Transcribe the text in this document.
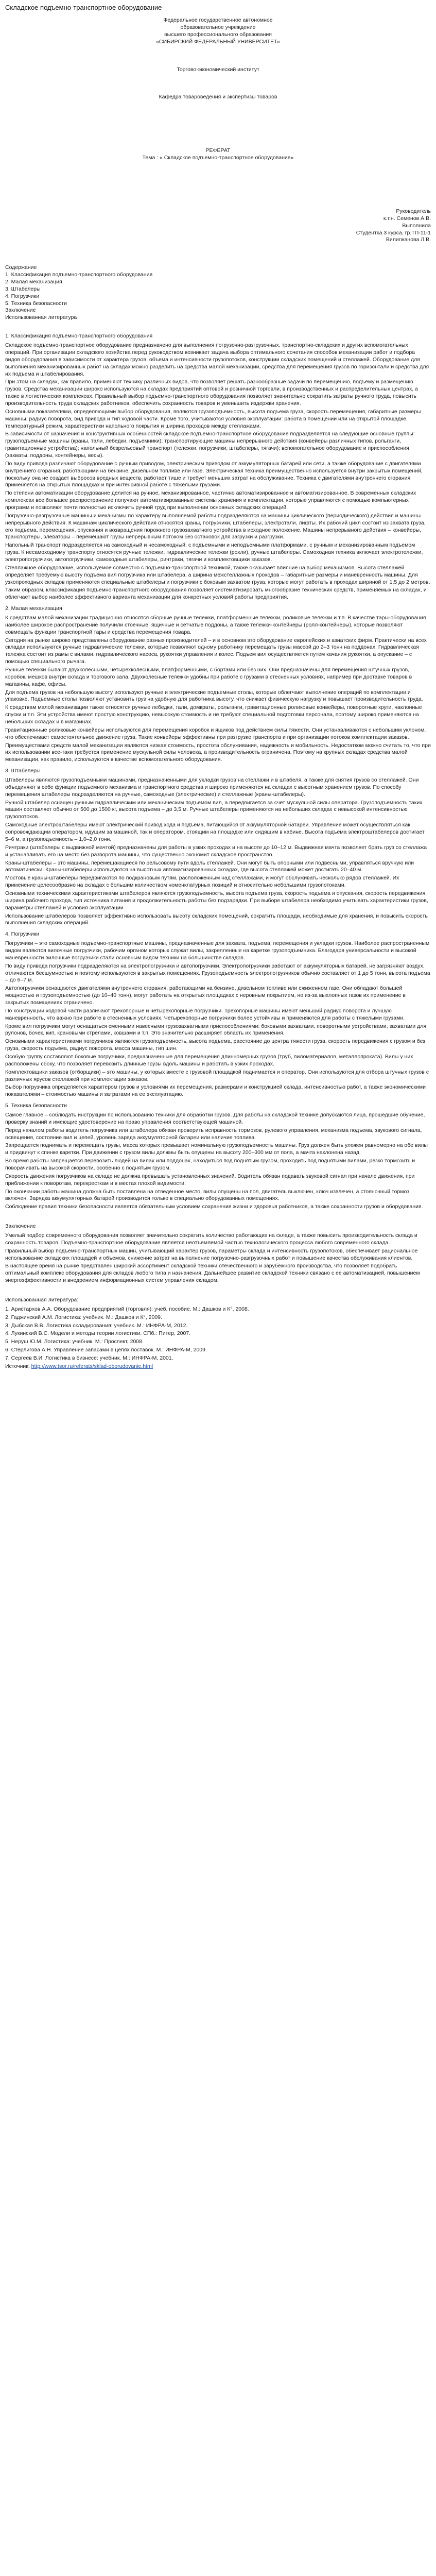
Складское подъемно-транспортное оборудование

Федеральное государственное автономное

образовательное учреждение

высшего профессионального образования

«СИБИРСКИЙ ФЕДЕРАЛЬНЫЙ УНИВЕРСИТЕТ»

Торгово-экономический институт

Кафедра товароведения и экспертизы товаров

РЕФЕРАТ

Тема : « Складское подъемно-транспортное оборудование»

Руководитель

к.т.н. Семенов А.В.

Выполнила

Студентка 3 курса, гр.ТП-11-1

Вилигжанова Л.В.

Содержание

1. Классификация подъемно-транспортного оборудования

2. Малая механизация

3. Штабелеры

4. Погрузчики

5. Техника безопасности

Заключение

Использованная литература

1. Классификация подъемно-транспортного оборудования

Складское подъемно-транспортное оборудование предназначено для выполнения погрузочно-разгрузочных, транспортно-складских и других вспомогательных операций. При организации складского хозяйства перед руководством возникает задача выбора оптимального сочетания способов механизации работ и подбора видов оборудования в зависимости от характера грузов, объема и интенсивности грузопотоков, конструкции складских помещений и стеллажей. Оборудование для выполнения механизированных работ на складах можно разделить на средства малой механизации, средства для перемещения грузов по горизонтали и средства для их подъема и штабелирования.

При этом на складах, как правило, применяют технику различных видов, что позволяет решать разнообразные задачи по перемещению, подъему и размещению грузов. Средства механизации широко используются на складах предприятий оптовой и розничной торговли, в производственных и распределительных центрах, а также в логистических комплексах. Правильный выбор подъемно-транспортного оборудования позволяет значительно сократить затраты ручного труда, повысить производительность труда складских работников, обеспечить сохранность товаров и уменьшить издержки хранения.

Основными показателями, определяющими выбор оборудования, являются грузоподъемность, высота подъема груза, скорость перемещения, габаритные размеры машины, радиус поворота, вид привода и тип ходовой части. Кроме того, учитываются условия эксплуатации: работа в помещении или на открытой площадке, температурный режим, характеристики напольного покрытия и ширина проходов между стеллажами.

В зависимости от назначения и конструктивных особенностей складское подъемно-транспортное оборудование подразделяется на следующие основные группы: грузоподъемные машины (краны, тали, лебедки, подъемники); транспортирующие машины непрерывного действия (конвейеры различных типов, рольганги, гравитационные устройства); напольный безрельсовый транспорт (тележки, погрузчики, штабелеры, тягачи); вспомогательное оборудование и приспособления (захваты, поддоны, контейнеры, весы).

По виду привода различают оборудование с ручным приводом, электрическим приводом от аккумуляторных батарей или сети, а также оборудование с двигателями внутреннего сгорания, работающими на бензине, дизельном топливе или газе. Электрическая техника преимущественно используется внутри закрытых помещений, поскольку она не создает выбросов вредных веществ, работает тише и требует меньших затрат на обслуживание. Техника с двигателями внутреннего сгорания применяется на открытых площадках и при интенсивной работе с тяжелыми грузами.

По степени автоматизации оборудование делится на ручное, механизированное, частично автоматизированное и автоматизированное. В современных складских комплексах все большее распространение получают автоматизированные системы хранения и комплектации, которые управляются с помощью компьютерных программ и позволяют почти полностью исключить ручной труд при выполнении основных складских операций.

Погрузочно-разгрузочные машины и механизмы по характеру выполняемой работы подразделяются на машины циклического (периодического) действия и машины непрерывного действия. К машинам циклического действия относятся краны, погрузчики, штабелеры, электротали, лифты. Их рабочий цикл состоит из захвата груза, его подъема, перемещения, опускания и возвращения порожнего грузозахватного устройства в исходное положение. Машины непрерывного действия – конвейеры, транспортеры, элеваторы – перемещают грузы непрерывным потоком без остановок для загрузки и разгрузки.

Напольный транспорт подразделяется на самоходный и несамоходный, с подъемными и неподъемными платформами, с ручным и механизированным подъемом груза. К несамоходному транспорту относятся ручные тележки, гидравлические тележки (рохли), ручные штабелеры. Самоходная техника включает электротележки, электропогрузчики, автопогрузчики, самоходные штабелеры, ричтраки, тягачи и комплектовщики заказов.

Стеллажное оборудование, используемое совместно с подъемно-транспортной техникой, также оказывает влияние на выбор механизмов. Высота стеллажей определяет требуемую высоту подъема вил погрузчика или штабелера, а ширина межстеллажных проходов – габаритные размеры и маневренность машины. Для узкопроходных складов применяются специальные штабелеры и погрузчики с боковым захватом груза, которые могут работать в проходах шириной от 1,5 до 2 метров.

Таким образом, классификация подъемно-транспортного оборудования позволяет систематизировать многообразие технических средств, применяемых на складах, и облегчает выбор наиболее эффективного варианта механизации для конкретных условий работы предприятия.

2. Малая механизация

К средствам малой механизации традиционно относятся сборные ручные тележки, платформенные тележки, роликовые тележки и т.п. В качестве тары-оборудования наиболее широкое распространение получили стоечные, ящичные и сетчатые поддоны, а также тележки-контейнеры (ролл-контейнеры), которые позволяют совмещать функции транспортной тары и средства перемещения товара.

Сегодня на рынке широко представлены оборудование разных производителей – и в основном это оборудование европейских и азиатских фирм. Практически на всех складах используются ручные гидравлические тележки, которые позволяют одному работнику перемещать грузы массой до 2–3 тонн на поддонах. Гидравлическая тележка состоит из рамы с вилами, гидравлического насоса, рукоятки управления и колес. Подъем вил осуществляется путем качания рукоятки, а опускание – с помощью специального рычага.

Ручные тележки бывают двухколесными, четырехколесными, платформенными, с бортами или без них. Они предназначены для перемещения штучных грузов, коробок, мешков внутри склада и торгового зала. Двухколесные тележки удобны при работе с грузами в стесненных условиях, например при доставке товаров в магазины, кафе, офисы.

Для подъема грузов на небольшую высоту используют ручные и электрические подъемные столы, которые облегчают выполнение операций по комплектации и упаковке. Подъемные столы позволяют установить груз на удобную для работника высоту, что снижает физическую нагрузку и повышает производительность труда.

К средствам малой механизации также относятся ручные лебедки, тали, домкраты, рольганги, гравитационные роликовые конвейеры, поворотные круги, наклонные спуски и т.п. Эти устройства имеют простую конструкцию, невысокую стоимость и не требуют специальной подготовки персонала, поэтому широко применяются на небольших складах и в магазинах.

Гравитационные роликовые конвейеры используются для перемещения коробок и ящиков под действием силы тяжести. Они устанавливаются с небольшим уклоном, что обеспечивает самостоятельное движение груза. Такие конвейеры эффективны при разгрузке транспорта и при организации потоков комплектации заказов.

Преимуществами средств малой механизации являются низкая стоимость, простота обслуживания, надежность и мобильность. Недостатком можно считать то, что при их использовании все-таки требуется применение мускульной силы человека, а производительность ограничена. Поэтому на крупных складах средства малой механизации, как правило, используются в качестве вспомогательного оборудования.

3. Штабелеры

Штабелеры являются грузоподъемными машинами, предназначенными для укладки грузов на стеллажи и в штабеля, а также для снятия грузов со стеллажей. Они объединяют в себе функции подъемного механизма и транспортного средства и широко применяются на складах с высотным хранением грузов. По способу перемещения штабелеры подразделяются на ручные, самоходные (электрические) и стеллажные (краны-штабелеры).

Ручной штабелер оснащен ручным гидравлическим или механическим подъемом вил, а передвигается за счет мускульной силы оператора. Грузоподъемность таких машин составляет обычно от 500 до 1500 кг, высота подъема – до 3,5 м. Ручные штабелеры применяются на небольших складах с невысокой интенсивностью грузопотоков.

Самоходные электроштабелеры имеют электрический привод хода и подъема, питающийся от аккумуляторной батареи. Управление может осуществляться как сопровождающим оператором, идущим за машиной, так и оператором, стоящим на площадке или сидящим в кабине. Высота подъема электроштабелеров достигает 5–6 м, а грузоподъемность – 1,0–2,0 тонн.

Ричтраки (штабелеры с выдвижной мачтой) предназначены для работы в узких проходах и на высоте до 10–12 м. Выдвижная мачта позволяет брать груз со стеллажа и устанавливать его на место без разворота машины, что существенно экономит складское пространство.

Краны-штабелеры – это машины, перемещающиеся по рельсовому пути вдоль стеллажей. Они могут быть опорными или подвесными, управляться вручную или автоматически. Краны-штабелеры используются на высотных автоматизированных складах, где высота стеллажей может достигать 20–40 м.

Мостовые краны-штабелеры передвигаются по подкрановым путям, расположенным над стеллажами, и могут обслуживать несколько рядов стеллажей. Их применение целесообразно на складах с большим количеством номенклатурных позиций и относительно небольшими грузопотоками.

Основными техническими характеристиками штабелеров являются грузоподъемность, высота подъема груза, скорость подъема и опускания, скорость передвижения, ширина рабочего прохода, тип источника питания и продолжительность работы без подзарядки. При выборе штабелера необходимо учитывать характеристики грузов, параметры стеллажей и условия эксплуатации.

Использование штабелеров позволяет эффективно использовать высоту складских помещений, сократить площади, необходимые для хранения, и повысить скорость выполнения складских операций.

4. Погрузчики

Погрузчики – это самоходные подъемно-транспортные машины, предназначенные для захвата, подъема, перемещения и укладки грузов. Наиболее распространенным видом являются вилочные погрузчики, рабочим органом которых служат вилы, закрепленные на каретке грузоподъемника. Благодаря универсальности и высокой маневренности вилочные погрузчики стали основным видом техники на большинстве складов.

По виду привода погрузчики подразделяются на электропогрузчики и автопогрузчики. Электропогрузчики работают от аккумуляторных батарей, не загрязняют воздух, отличаются бесшумностью и поэтому используются в закрытых помещениях. Грузоподъемность электропогрузчиков обычно составляет от 1 до 5 тонн, высота подъема – до 6–7 м.

Автопогрузчики оснащаются двигателями внутреннего сгорания, работающими на бензине, дизельном топливе или сжиженном газе. Они обладают большей мощностью и грузоподъемностью (до 10–40 тонн), могут работать на открытых площадках с неровным покрытием, но из-за выхлопных газов их применение в закрытых помещениях ограничено.

По конструкции ходовой части различают трехопорные и четырехопорные погрузчики. Трехопорные машины имеют меньший радиус поворота и лучшую маневренность, что важно при работе в стесненных условиях. Четырехопорные погрузчики более устойчивы и применяются для работы с тяжелыми грузами.

Кроме вил погрузчики могут оснащаться сменными навесными грузозахватными приспособлениями: боковыми захватами, поворотными устройствами, захватами для рулонов, бочек, кип, крановыми стрелами, ковшами и т.п. Это значительно расширяет область их применения.

Основными характеристиками погрузчиков являются грузоподъемность, высота подъема, расстояние до центра тяжести груза, скорость передвижения с грузом и без груза, скорость подъема, радиус поворота, масса машины, тип шин.

Особую группу составляют боковые погрузчики, предназначенные для перемещения длинномерных грузов (труб, пиломатериалов, металлопроката). Вилы у них расположены сбоку, что позволяет перевозить длинные грузы вдоль машины и работать в узких проходах.

Комплектовщики заказов (отборщики) – это машины, у которых вместе с грузовой площадкой поднимается и оператор. Они используются для отбора штучных грузов с различных ярусов стеллажей при комплектации заказов.

Выбор погрузчика определяется характером грузов и условиями их перемещения, размерами и конструкцией склада, интенсивностью работ, а также экономическими показателями – стоимостью машины и затратами на ее эксплуатацию.

5. Техника безопасности

Самое главное – соблюдать инструкции по использованию техники для обработки грузов. Для работы на складской технике допускаются лица, прошедшие обучение, проверку знаний и имеющие удостоверение на право управления соответствующей машиной.

Перед началом работы водитель погрузчика или штабелера обязан проверить исправность тормозов, рулевого управления, механизма подъема, звукового сигнала, освещения, состояние вил и цепей, уровень заряда аккумуляторной батареи или наличие топлива.

Запрещается поднимать и перемещать грузы, масса которых превышает номинальную грузоподъемность машины. Груз должен быть уложен равномерно на обе вилы и придвинут к спинке каретки. При движении с грузом вилы должны быть опущены на высоту 200–300 мм от пола, а мачта наклонена назад.

Во время работы запрещается перевозить людей на вилах или поддонах, находиться под поднятым грузом, проходить под поднятыми вилами, резко тормозить и поворачивать на высокой скорости, особенно с поднятым грузом.

Скорость движения погрузчиков на складе не должна превышать установленных значений. Водитель обязан подавать звуковой сигнал при начале движения, при приближении к поворотам, перекресткам и в местах плохой видимости.

По окончании работы машина должна быть поставлена на отведенное место, вилы опущены на пол, двигатель выключен, ключ извлечен, а стояночный тормоз включен. Зарядка аккумуляторных батарей производится только в специально оборудованных помещениях.

Соблюдение правил техники безопасности является обязательным условием сохранения жизни и здоровья работников, а также сохранности грузов и оборудования.

Заключение

Умелый подбор современного оборудования позволяет значительно сократить количество работающих на складе, а также повысить производительность склада и сохранность товаров. Подъемно-транспортное оборудование является неотъемлемой частью технологического процесса любого современного склада.

Правильный выбор подъемно-транспортных машин, учитывающий характер грузов, параметры склада и интенсивность грузопотоков, обеспечивает рациональное использование складских площадей и объемов, снижение затрат на выполнение погрузочно-разгрузочных работ и повышение качества обслуживания клиентов.

В настоящее время на рынке представлен широкий ассортимент складской техники отечественного и зарубежного производства, что позволяет подобрать оптимальный комплекс оборудования для складов любого типа и назначения. Дальнейшее развитие складской техники связано с ее автоматизацией, повышением энергоэффективности и внедрением информационных систем управления складом.

Использованная литература:

1. Аристархов А.А. Оборудование предприятий (торговля): учеб. пособие. М.: Дашков и К°, 2008.

2. Гаджинский А.М. Логистика: учебник. М.: Дашков и К°, 2009.

3. Дыбская В.В. Логистика складирования: учебник. М.: ИНФРА-М, 2012.

4. Лукинский В.С. Модели и методы теории логистики. СПб.: Питер, 2007.

5. Неруш Ю.М. Логистика: учебник. М.: Проспект, 2008.

6. Стерлигова А.Н. Управление запасами в цепях поставок. М.: ИНФРА-М, 2009.

7. Сергеев В.И. Логистика в бизнесе: учебник. М.: ИНФРА-М, 2001.

Источник: http://www.tsor.ru/referats/sklad-oborudovanie.html
